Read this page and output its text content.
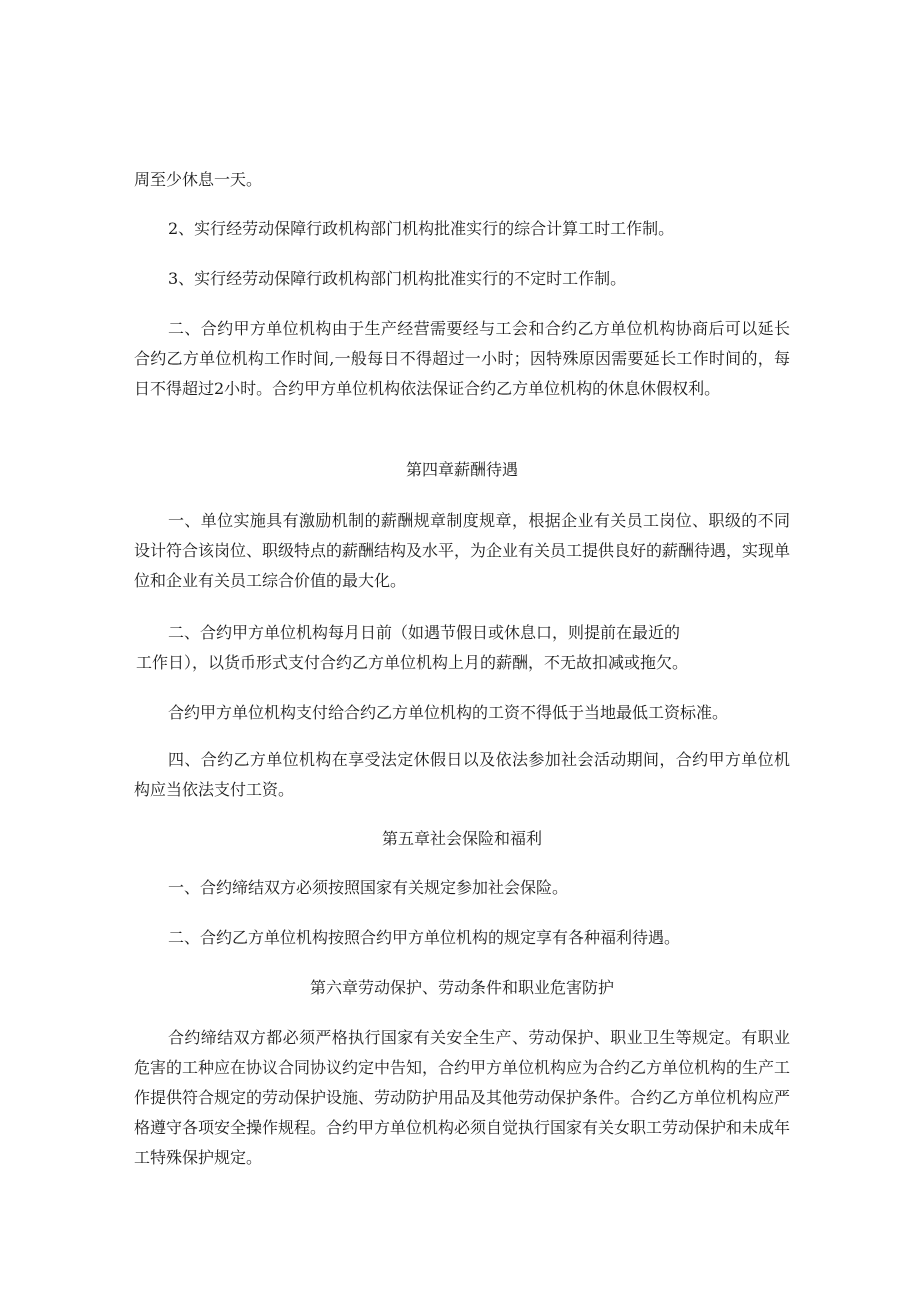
周至少休息一天。

2、实行经劳动保障行政机构部门机构批准实行的综合计算工时工作制。

3、实行经劳动保障行政机构部门机构批准实行的不定时工作制。

二、合约甲方单位机构由于生产经营需要经与工会和合约乙方单位机构协商后可以延长合约乙方单位机构工作时间,一般每日不得超过一小时；因特殊原因需要延长工作时间的，每日不得超过2小时。合约甲方单位机构依法保证合约乙方单位机构的休息休假权利。

第四章薪酬待遇

一、单位实施具有激励机制的薪酬规章制度规章，根据企业有关员工岗位、职级的不同设计符合该岗位、职级特点的薪酬结构及水平，为企业有关员工提供良好的薪酬待遇，实现单位和企业有关员工综合价值的最大化。

二、合约甲方单位机构每月日前（如遇节假日或休息口，则提前在最近的

工作日），以货币形式支付合约乙方单位机构上月的薪酬，不无故扣减或拖欠。

合约甲方单位机构支付给合约乙方单位机构的工资不得低于当地最低工资标准。

四、合约乙方单位机构在享受法定休假日以及依法参加社会活动期间，合约甲方单位机构应当依法支付工资。

第五章社会保险和福利

一、合约缔结双方必须按照国家有关规定参加社会保险。

二、合约乙方单位机构按照合约甲方单位机构的规定享有各种福利待遇。

第六章劳动保护、劳动条件和职业危害防护

合约缔结双方都必须严格执行国家有关安全生产、劳动保护、职业卫生等规定。有职业危害的工种应在协议合同协议约定中告知，合约甲方单位机构应为合约乙方单位机构的生产工作提供符合规定的劳动保护设施、劳动防护用品及其他劳动保护条件。合约乙方单位机构应严格遵守各项安全操作规程。合约甲方单位机构必须自觉执行国家有关女职工劳动保护和未成年工特殊保护规定。
